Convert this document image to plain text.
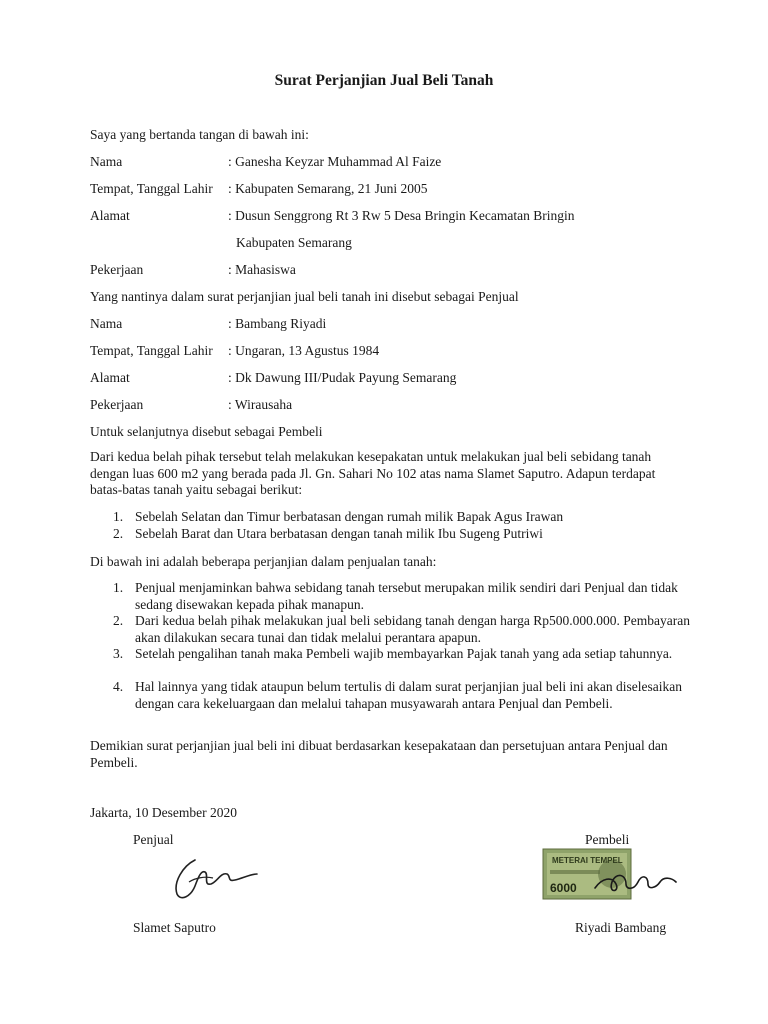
Surat Perjanjian Jual Beli Tanah
Saya yang bertanda tangan di bawah ini:
Nama	: Ganesha Keyzar Muhammad Al Faize
Tempat, Tanggal Lahir : Kabupaten Semarang, 21 Juni 2005
Alamat	: Dusun Senggrong Rt 3 Rw 5 Desa Bringin Kecamatan Bringin
Kabupaten Semarang
Pekerjaan	: Mahasiswa
Yang nantinya dalam surat perjanjian jual beli tanah ini disebut sebagai Penjual
Nama	: Bambang Riyadi
Tempat, Tanggal Lahir : Ungaran, 13 Agustus 1984
Alamat	: Dk Dawung III/Pudak Payung Semarang
Pekerjaan	: Wirausaha
Untuk selanjutnya disebut sebagai Pembeli
Dari kedua belah pihak tersebut telah melakukan kesepakatan untuk melakukan jual beli sebidang tanah dengan luas 600 m2 yang berada pada Jl. Gn. Sahari No 102 atas nama Slamet Saputro. Adapun terdapat batas-batas tanah yaitu sebagai berikut:
1. Sebelah Selatan dan Timur berbatasan dengan rumah milik Bapak Agus Irawan
2. Sebelah Barat dan Utara berbatasan dengan tanah milik Ibu Sugeng Putriwi
Di bawah ini adalah beberapa perjanjian dalam penjualan tanah:
1. Penjual menjaminkan bahwa sebidang tanah tersebut merupakan milik sendiri dari Penjual dan tidak sedang disewakan kepada pihak manapun.
2. Dari kedua belah pihak melakukan jual beli sebidang tanah dengan harga Rp500.000.000. Pembayaran akan dilakukan secara tunai dan tidak melalui perantara apapun.
3. Setelah pengalihan tanah maka Pembeli wajib membayarkan Pajak tanah yang ada setiap tahunnya.
4. Hal lainnya yang tidak ataupun belum tertulis di dalam surat perjanjian jual beli ini akan diselesaikan dengan cara kekeluargaan dan melalui tahapan musyawarah antara Penjual dan Pembeli.
Demikian surat perjanjian jual beli ini dibuat berdasarkan kesepakataan dan persetujuan antara Penjual dan Pembeli.
Jakarta, 10 Desember 2020
Penjual	Pembeli
METERAI TEMPEL
6000
Slamet Saputro	Riyadi Bambang
